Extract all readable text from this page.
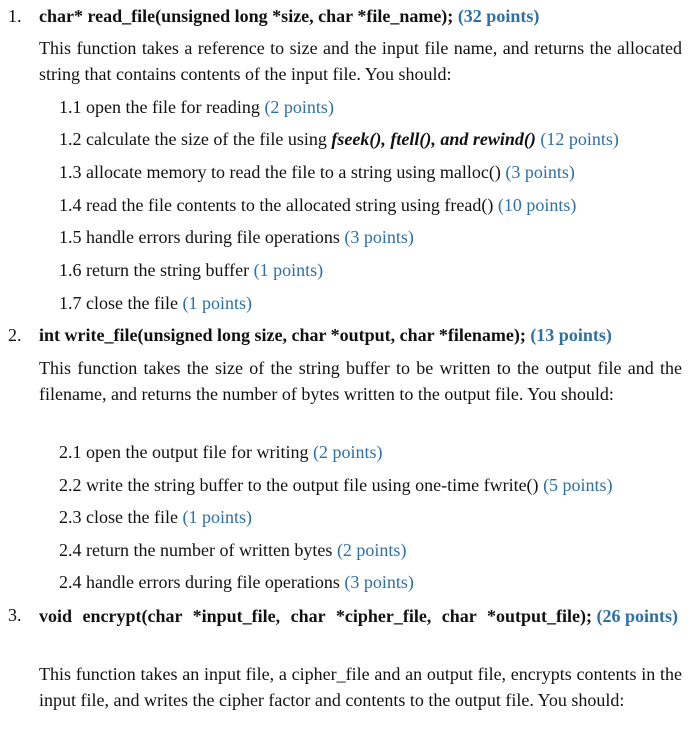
1. char* read_file(unsigned long *size, char *file_name); (32 points)
This function takes a reference to size and the input file name, and returns the allocated string that contains contents of the input file. You should:
1.1 open the file for reading (2 points)
1.2 calculate the size of the file using fseek(), ftell(), and rewind() (12 points)
1.3 allocate memory to read the file to a string using malloc() (3 points)
1.4 read the file contents to the allocated string using fread() (10 points)
1.5 handle errors during file operations (3 points)
1.6 return the string buffer (1 points)
1.7 close the file (1 points)
2. int write_file(unsigned long size, char *output, char *filename); (13 points)
This function takes the size of the string buffer to be written to the output file and the filename, and returns the number of bytes written to the output file. You should:
2.1 open the output file for writing (2 points)
2.2 write the string buffer to the output file using one-time fwrite() (5 points)
2.3 close the file (1 points)
2.4 return the number of written bytes (2 points)
2.4 handle errors during file operations (3 points)
3. void encrypt(char *input_file, char *cipher_file, char *output_file); (26 points)
This function takes an input file, a cipher_file and an output file, encrypts contents in the input file, and writes the cipher factor and contents to the output file. You should:
